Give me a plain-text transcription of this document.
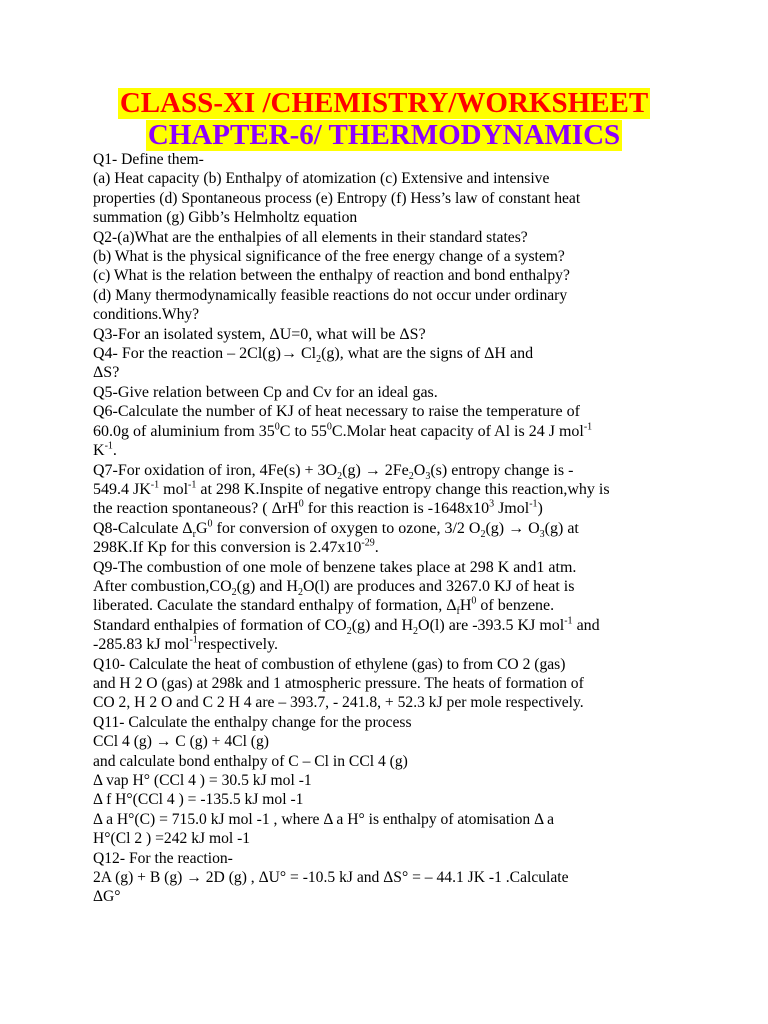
CLASS-XI /CHEMISTRY/WORKSHEET
CHAPTER-6/ THERMODYNAMICS

Q1- Define them-

(a) Heat capacity (b) Enthalpy of atomization (c) Extensive and intensive

properties (d) Spontaneous process (e) Entropy (f) Hess’s law of constant heat

summation (g) Gibb’s Helmholtz equation

Q2-(a)What are the enthalpies of all elements in their standard states?

(b) What is the physical significance of the free energy change of a system?

(c) What is the relation between the enthalpy of reaction and bond enthalpy?

(d) Many thermodynamically feasible reactions do not occur under ordinary

conditions.Why?

Q3-For an isolated system, ΔU=0, what will be ΔS?

Q4- For the reaction – $2Cl(g)\to Cl_2(g)$, what are the signs of ΔH and

ΔS?

Q5-Give relation between Cp and Cv for an ideal gas.

Q6-Calculate the number of KJ of heat necessary to raise the temperature of

60.0g of aluminium from $35^0C$ to $55^0C.Molar$ heat capacity of Al is 24 J mol$^{-1}$

$K^{-1}$.

Q7-For oxidation of iron, $4Fe(s) + 3O_2(g) \to 2Fe_2O_3(s)$ entropy change is -

549.4 $JK^{-1}$ mol$^{-1}$ at 298 K.Inspite of negative entropy change this reaction,why is

the reaction spontaneous? ( ΔrH$^0$ for this reaction is $-1648x10^3$ Jmol$^{-1}$)

Q8-Calculate $\Delta_rG^0$ for conversion of oxygen to ozone, 3/2 $O_2(g) \to O_3(g)$ at

298K.If Kp for this conversion is $2.47x10^{-29}$.

Q9-The combustion of one mole of benzene takes place at 298 K and1 atm.

After $combustion,CO_2(g)$ and $H_2O(l)$ are produces and 3267.0 KJ of heat is

liberated. Caculate the standard enthalpy of formation, $\Delta_fH^0$ of benzene.

Standard enthalpies of formation of $CO_2(g)$ and $H_2O(l)$ are -393.5 KJ mol$^{-1}$ and

-285.83 kJ mol$^{-1}$respectively.

Q10- Calculate the heat of combustion of ethylene (gas) to from CO 2 (gas)

and H 2 O (gas) at 298k and 1 atmospheric pressure. The heats of formation of

CO 2, H 2 O and C 2 H 4 are – 393.7, - 241.8, + 52.3 kJ per mole respectively.

Q11- Calculate the enthalpy change for the process

CCl 4 (g) → C (g) + 4Cl (g)

and calculate bond enthalpy of C – Cl in CCl 4 (g)

Δ vap H° (CCl 4 ) = 30.5 kJ mol -1

Δ f H°(CCl 4 ) = -135.5 kJ mol -1

Δ a H°(C) = 715.0 kJ mol -1 , where Δ a H° is enthalpy of atomisation Δ a

H°(Cl 2 ) =242 kJ mol -1

Q12- For the reaction-

2A (g) + B (g) → 2D (g) , ΔU° = -10.5 kJ and ΔS° = – 44.1 JK -1 .Calculate

ΔG°
